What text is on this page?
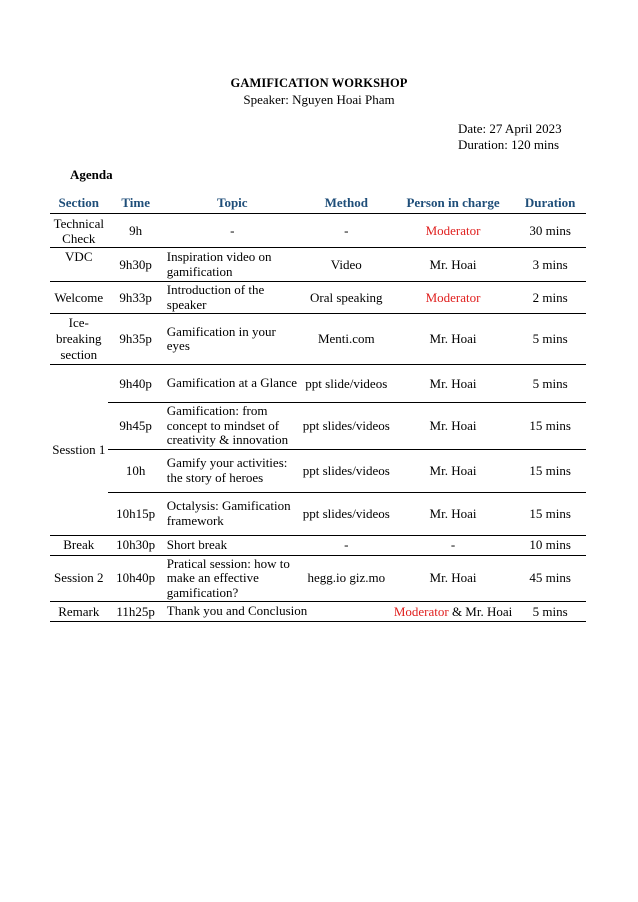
GAMIFICATION WORKSHOP
Speaker: Nguyen Hoai Pham
Date: 27 April 2023
Duration: 120 mins
Agenda
Section	Time	Topic	Method	Person in charge	Duration
Technical Check	9h	-	-	Moderator	30 mins
VDC	9h30p	Inspiration video on gamification	Video	Mr. Hoai	3 mins
Welcome	9h33p	Introduction of the speaker	Oral speaking	Moderator	2 mins
Ice-breaking section	9h35p	Gamification in your eyes	Menti.com	Mr. Hoai	5 mins
Sesstion 1	9h40p	Gamification at a Glance	ppt slide/videos	Mr. Hoai	5 mins
	9h45p	Gamification: from concept to mindset of creativity & innovation	ppt slides/videos	Mr. Hoai	15 mins
	10h	Gamify your activities: the story of heroes	ppt slides/videos	Mr. Hoai	15 mins
	10h15p	Octalysis: Gamification framework	ppt slides/videos	Mr. Hoai	15 mins
Break	10h30p	Short break	-	-	10 mins
Session 2	10h40p	Pratical session: how to make an effective gamification?	hegg.io giz.mo	Mr. Hoai	45 mins
Remark	11h25p	Thank you and Conclusion		Moderator & Mr. Hoai	5 mins
